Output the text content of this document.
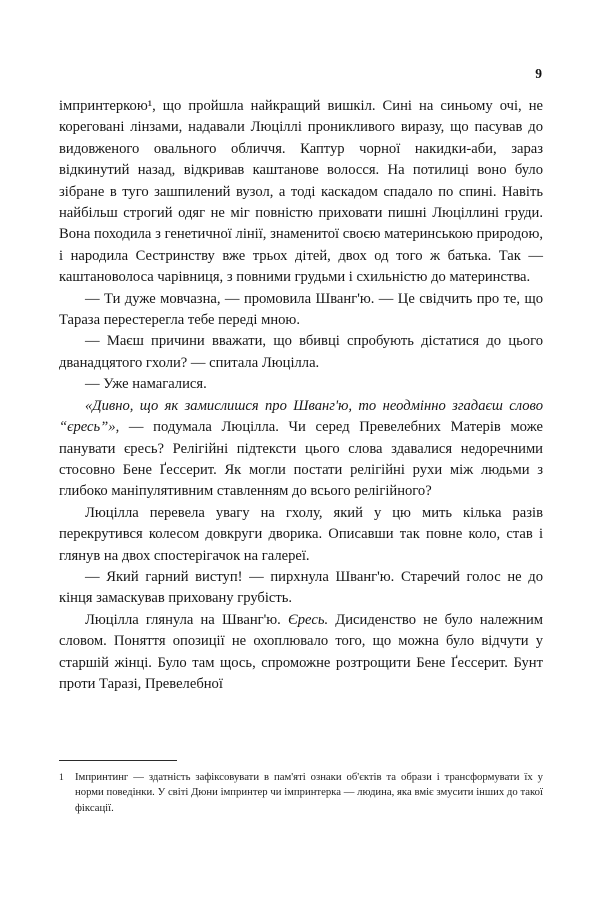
9

імпринтеркою¹, що пройшла найкращий вишкіл. Сині на синьому очі, не кореговані лінзами, надавали Люціллі проникливого виразу, що пасував до видовженого овального обличчя. Каптур чорної накидки-аби, зараз відкинутий назад, відкривав каштанове волосся. На потилиці воно було зібране в туго зашпилений вузол, а тоді каскадом спадало по спині. Навіть найбільш строгий одяг не міг повністю приховати пишні Люціллині груди. Вона походила з генетичної лінії, знаменитої своєю материнською природою, і народила Сестринству вже трьох дітей, двох од того ж батька. Так — каштановолоса чарівниця, з повними грудьми і схильністю до материнства.

— Ти дуже мовчазна, — промовила Шванг'ю. — Це свідчить про те, що Тараза перестерегла тебе переді мною.

— Маєш причини вважати, що вбивці спробують дістатися до цього дванадцятого гхоли? — спитала Люцілла.

— Уже намагалися.

«Дивно, що як замислишся про Шванг'ю, то неодмінно згадаєш слово “єресь”», — подумала Люцілла. Чи серед Превелебних Матерів може панувати єресь? Релігійні підтексти цього слова здавалися недоречними стосовно Бене Ґессерит. Як могли постати релігійні рухи між людьми з глибоко маніпулятивним ставленням до всього релігійного?

Люцілла перевела увагу на гхолу, який у цю мить кілька разів перекрутився колесом довкруги дворика. Описавши так повне коло, став і глянув на двох спостерігачок на галереї.

— Який гарний виступ! — пирхнула Шванг'ю. Старечий голос не до кінця замаскував приховану грубість.

Люцілла глянула на Шванг'ю. Єресь. Дисиденство не було належним словом. Поняття опозиції не охоплювало того, що можна було відчути у старшій жінці. Було там щось, спроможне розтрощити Бене Ґессерит. Бунт проти Таразі, Превелебної

1	Імпринтинг — здатність зафіксовувати в пам'яті ознаки об'єктів та образи і трансформувати їх у норми поведінки. У світі Дюни імпринтер чи імпринтерка — людина, яка вміє змусити інших до такої фіксації.
